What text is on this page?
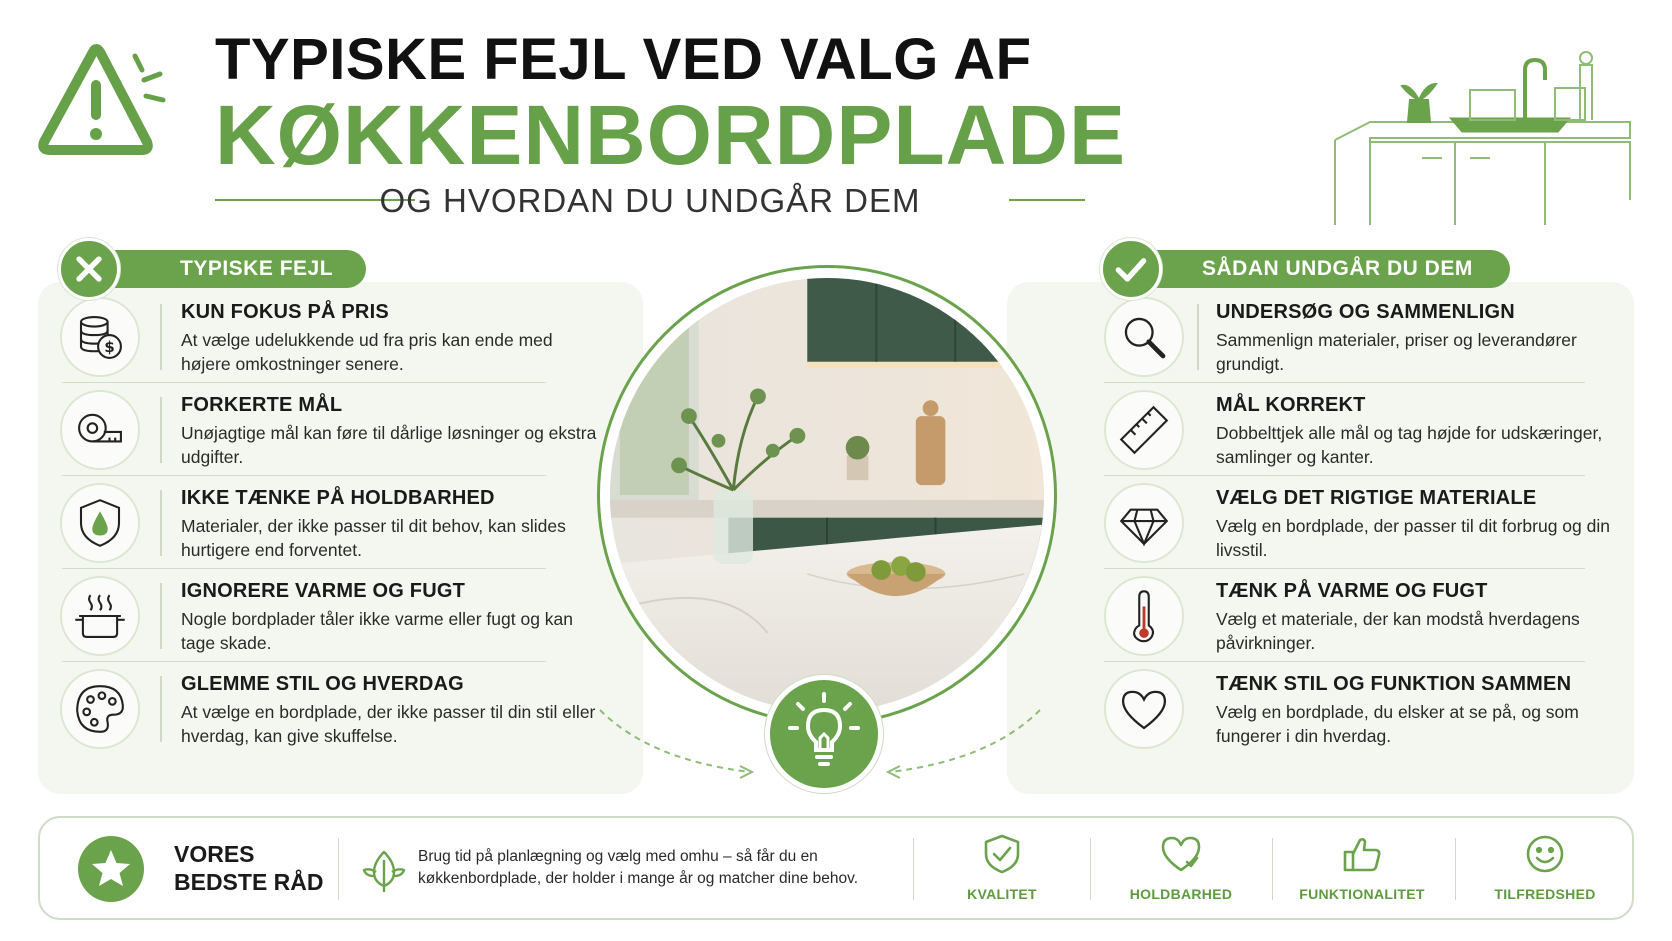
TYPISKE FEJL VED VALG AF
KØKKENBORDPLADE
OG HVORDAN DU UNDGÅR DEM
$
KUN FOKUS PÅ PRIS
At vælge udelukkende ud fra pris kan ende med højere omkostninger senere.
FORKERTE MÅL
Unøjagtige mål kan føre til dårlige løsninger og ekstra udgifter.
IKKE TÆNKE PÅ HOLDBARHED
Materialer, der ikke passer til dit behov, kan slides hurtigere end forventet.
IGNORERE VARME OG FUGT
Nogle bordplader tåler ikke varme eller fugt og kan tage skade.
GLEMME STIL OG HVERDAG
At vælge en bordplade, der ikke passer til din stil eller hverdag, kan give skuffelse.
TYPISKE FEJL
UNDERSØG OG SAMMENLIGN
Sammenlign materialer, priser og leverandører grundigt.
MÅL KORREKT
Dobbelttjek alle mål og tag højde for udskæringer, samlinger og kanter.
VÆLG DET RIGTIGE MATERIALE
Vælg en bordplade, der passer til dit forbrug og din livsstil.
TÆNK PÅ VARME OG FUGT
Vælg et materiale, der kan modstå hverdagens påvirkninger.
TÆNK STIL OG FUNKTION SAMMEN
Vælg en bordplade, du elsker at se på, og som fungerer i din hverdag.
SÅDAN UNDGÅR DU DEM
VORES
BEDSTE RÅD
Brug tid på planlægning og vælg med omhu – så får du en køkkenbordplade, der holder i mange år og matcher dine behov.
KVALITET	HOLDBARHED	FUNKTIONALITET	TILFREDSHED
